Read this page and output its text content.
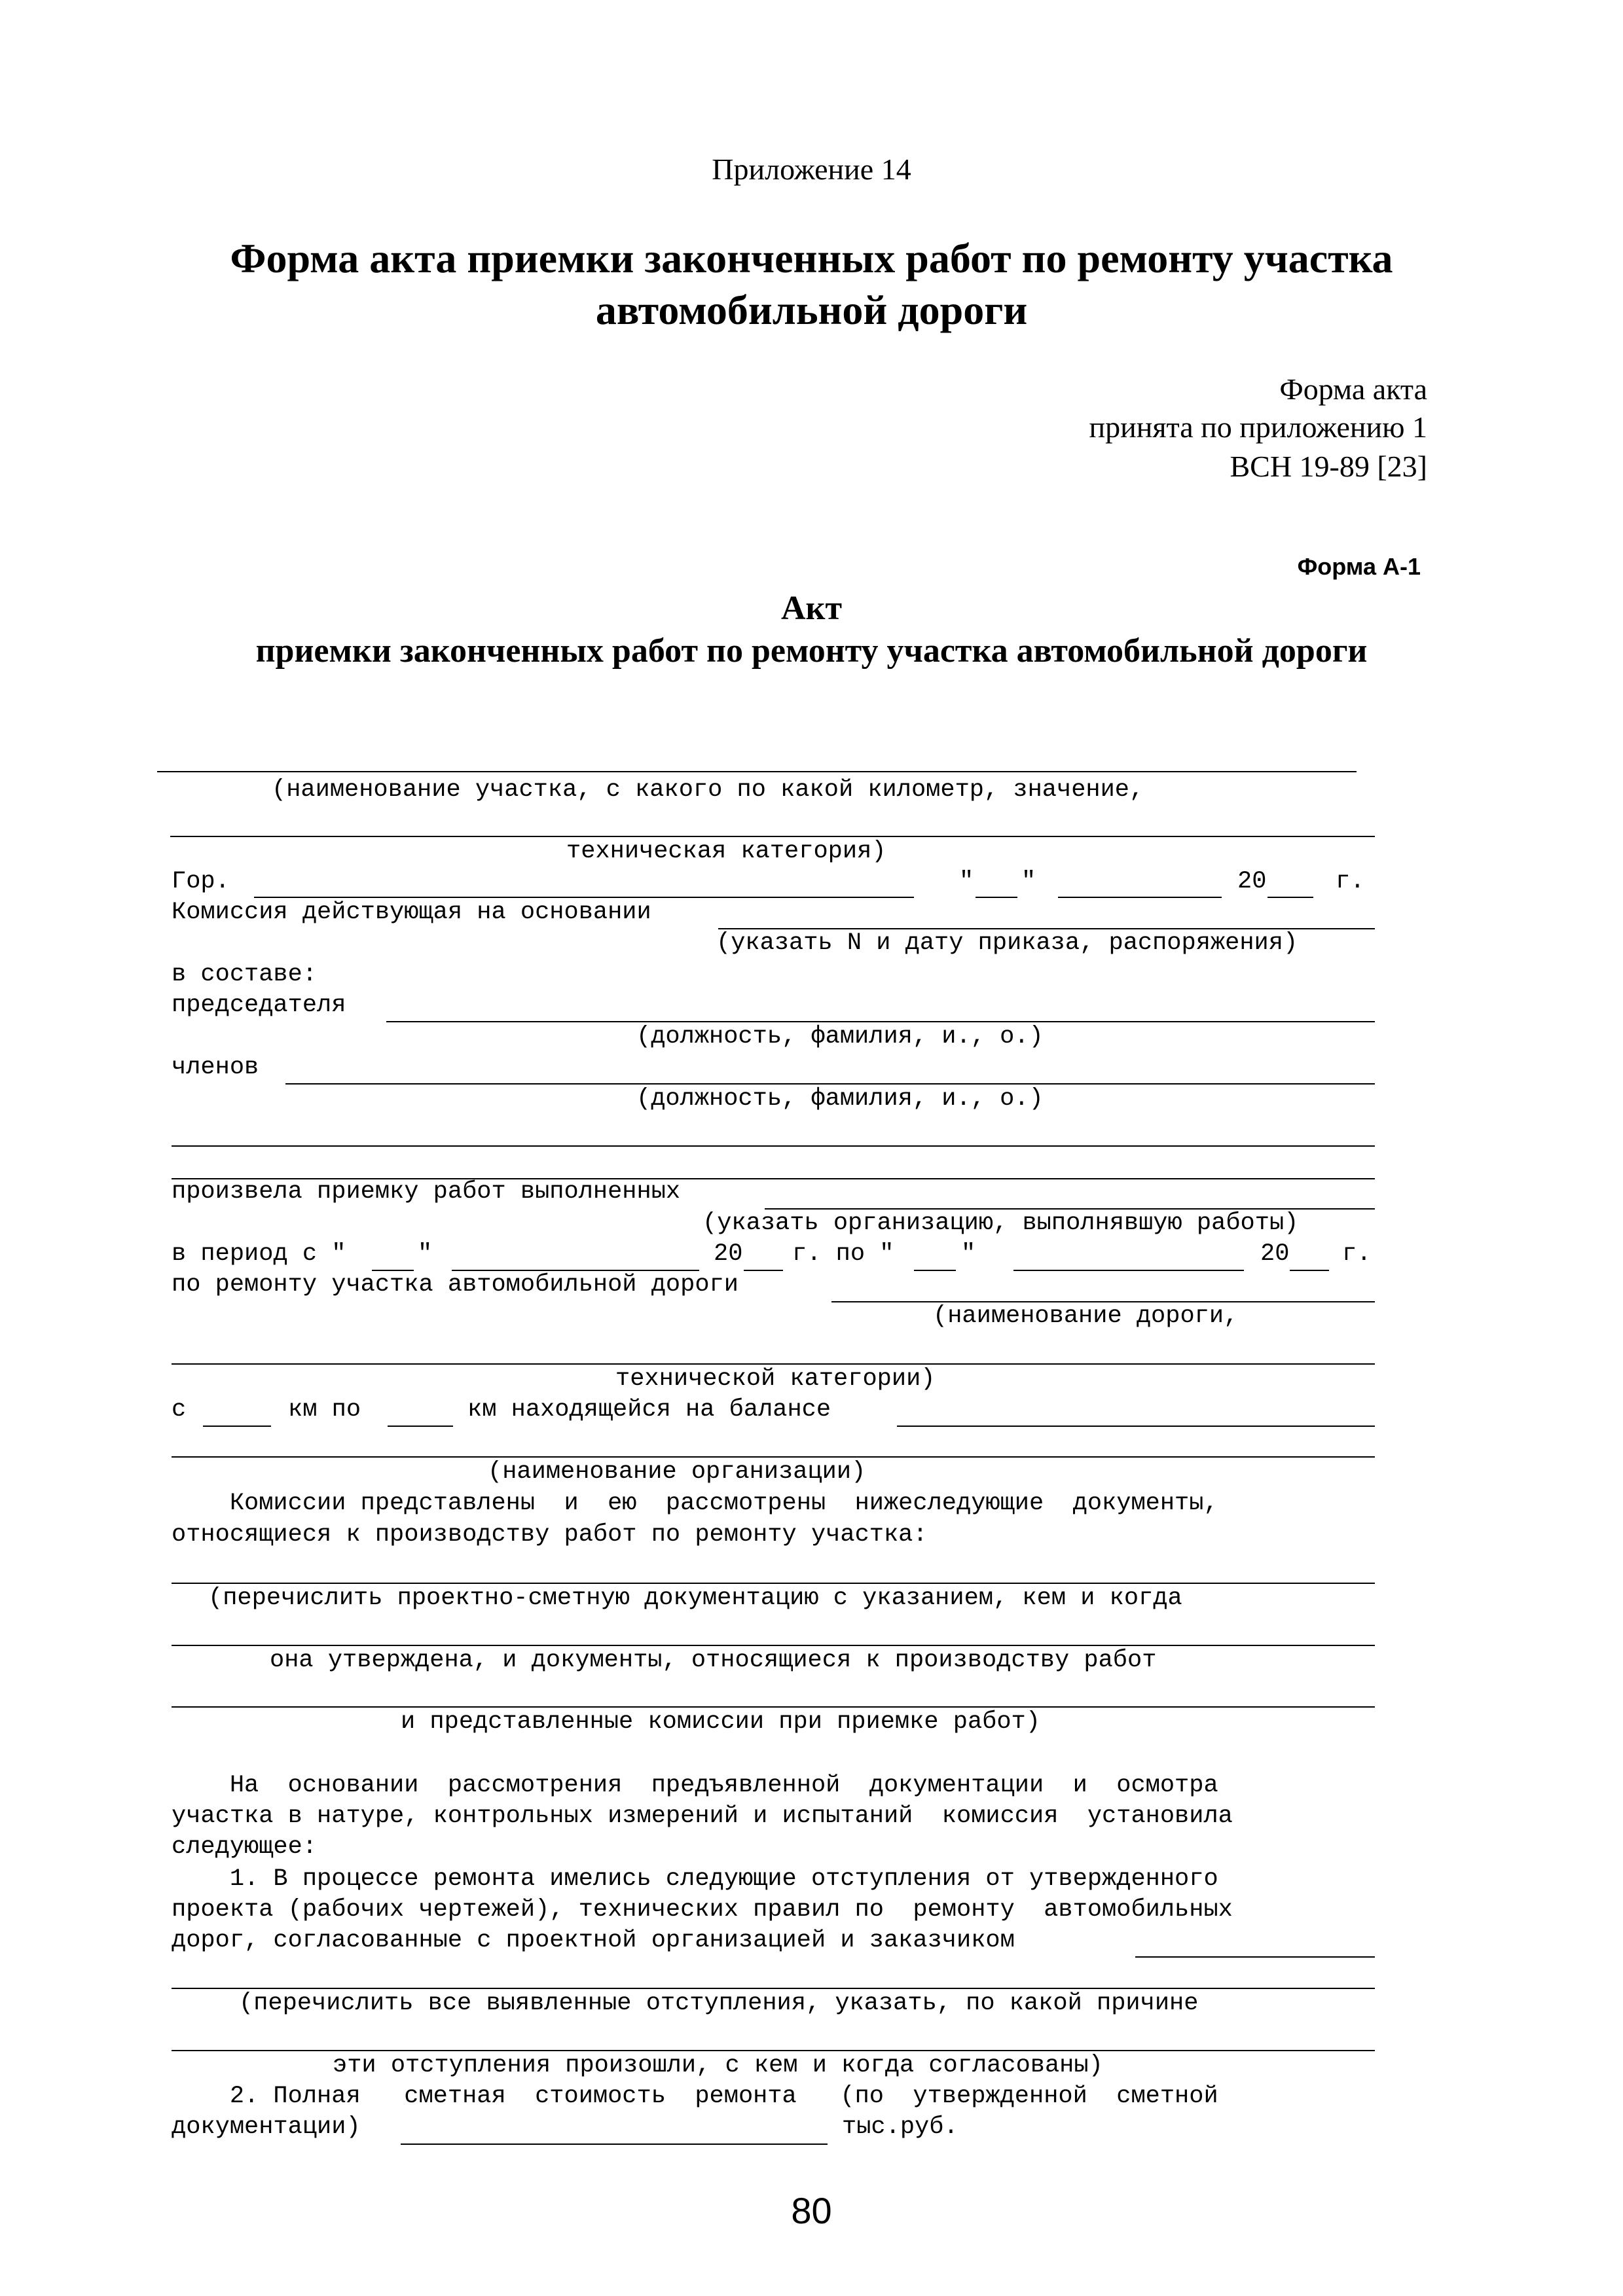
Приложение 14
Форма акта приемки законченных работ по ремонту участка
автомобильной дороги
Форма акта
принята по приложению 1
ВСН 19-89 [23]
Форма А-1
Акт
приемки законченных работ по ремонту участка автомобильной дороги
(наименование участка, с какого по какой километр, значение,
техническая категория)
Гор.	" "	20	г.
Комиссия действующая на основании
(указать N и дату приказа, распоряжения)
в составе:
председателя
(должность, фамилия, и., о.)
членов
(должность, фамилия, и., о.)
произвела приемку работ выполненных
(указать организацию, выполнявшую работы)
в период с "	"	20 г. по "	"	20 г.
по ремонту участка автомобильной дороги
(наименование дороги,
технической категории)
с	км по	км находящейся на балансе
(наименование организации)
Комиссии представлены  и  ею  рассмотрены  нижеследующие  документы,
относящиеся к производству работ по ремонту участка:
(перечислить проектно-сметную документацию с указанием, кем и когда
она утверждена, и документы, относящиеся к производству работ
и представленные комиссии при приемке работ)
На  основании  рассмотрения  предъявленной  документации  и  осмотра
участка в натуре, контрольных измерений и испытаний  комиссия  установила
следующее:
1. В процессе ремонта имелись следующие отступления от утвержденного
проекта (рабочих чертежей), технических правил по  ремонту  автомобильных
дорог, согласованные с проектной организацией и заказчиком
(перечислить все выявленные отступления, указать, по какой причине
эти отступления произошли, с кем и когда согласованы)
2. Полная   сметная  стоимость  ремонта   (по  утвержденной  сметной
документации)	тыс.руб.
80
